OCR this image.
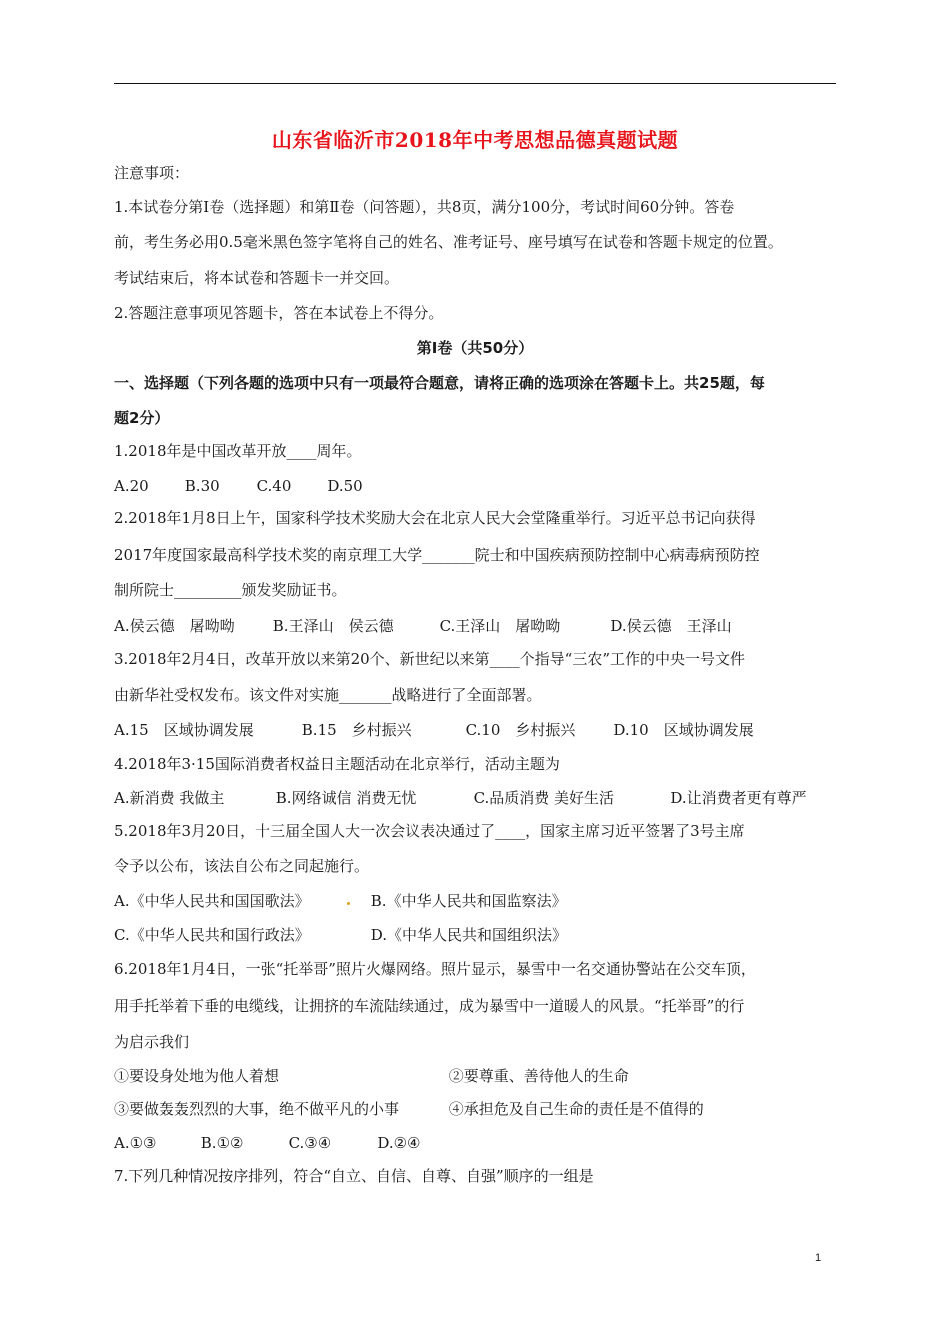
山东省临沂市2018年中考思想品德真题试题
注意事项：
1.本试卷分第Ⅰ卷（选择题）和第Ⅱ卷（问答题），共8页，满分100分，考试时间60分钟。答卷
前，考生务必用0.5毫米黑色签字笔将自己的姓名、准考证号、座号填写在试卷和答题卡规定的位置。
考试结束后，将本试卷和答题卡一并交回。
2.答题注意事项见答题卡，答在本试卷上不得分。
第Ⅰ卷（共50分）
一、选择题（下列各题的选项中只有一项最符合题意，请将正确的选项涂在答题卡上。共25题，每
题2分）
1.2018年是中国改革开放____周年。
A.20 B.30 C.40 D.50
2.2018年1月8日上午，国家科学技术奖励大会在北京人民大会堂隆重举行。习近平总书记向获得
2017年度国家最高科学技术奖的南京理工大学_______院士和中国疾病预防控制中心病毒病预防控
制所院士_________颁发奖励证书。
A.侯云德　屠呦呦	B.王泽山　侯云德	C.王泽山　屠呦呦	D.侯云德　王泽山
3.2018年2月4日，改革开放以来第20个、新世纪以来第____个指导“三农”工作的中央一号文件
由新华社受权发布。该文件对实施_______战略进行了全面部署。
A.15　区域协调发展	B.15　乡村振兴	C.10　乡村振兴	D.10　区域协调发展
4.2018年3·15国际消费者权益日主题活动在北京举行，活动主题为
A.新消费 我做主	B.网络诚信 消费无忧	C.品质消费 美好生活	D.让消费者更有尊严
5.2018年3月20日，十三届全国人大一次会议表决通过了____，国家主席习近平签署了3号主席
令予以公布，该法自公布之同起施行。
A.《中华人民共和国国歌法》	B.《中华人民共和国监察法》
C.《中华人民共和国行政法》	D.《中华人民共和国组织法》
6.2018年1月4日，一张“托举哥”照片火爆网络。照片显示，暴雪中一名交通协警站在公交车顶，
用手托举着下垂的电缆线，让拥挤的车流陆续通过，成为暴雪中一道暖人的风景。“托举哥”的行
为启示我们
①要设身处地为他人着想	②要尊重、善待他人的生命
③要做轰轰烈烈的大事，绝不做平凡的小事	④承担危及自己生命的责任是不值得的
A.①③	B.①②	C.③④	D.②④
7.下列几种情况按序排列，符合“自立、自信、自尊、自强”顺序的一组是
1
